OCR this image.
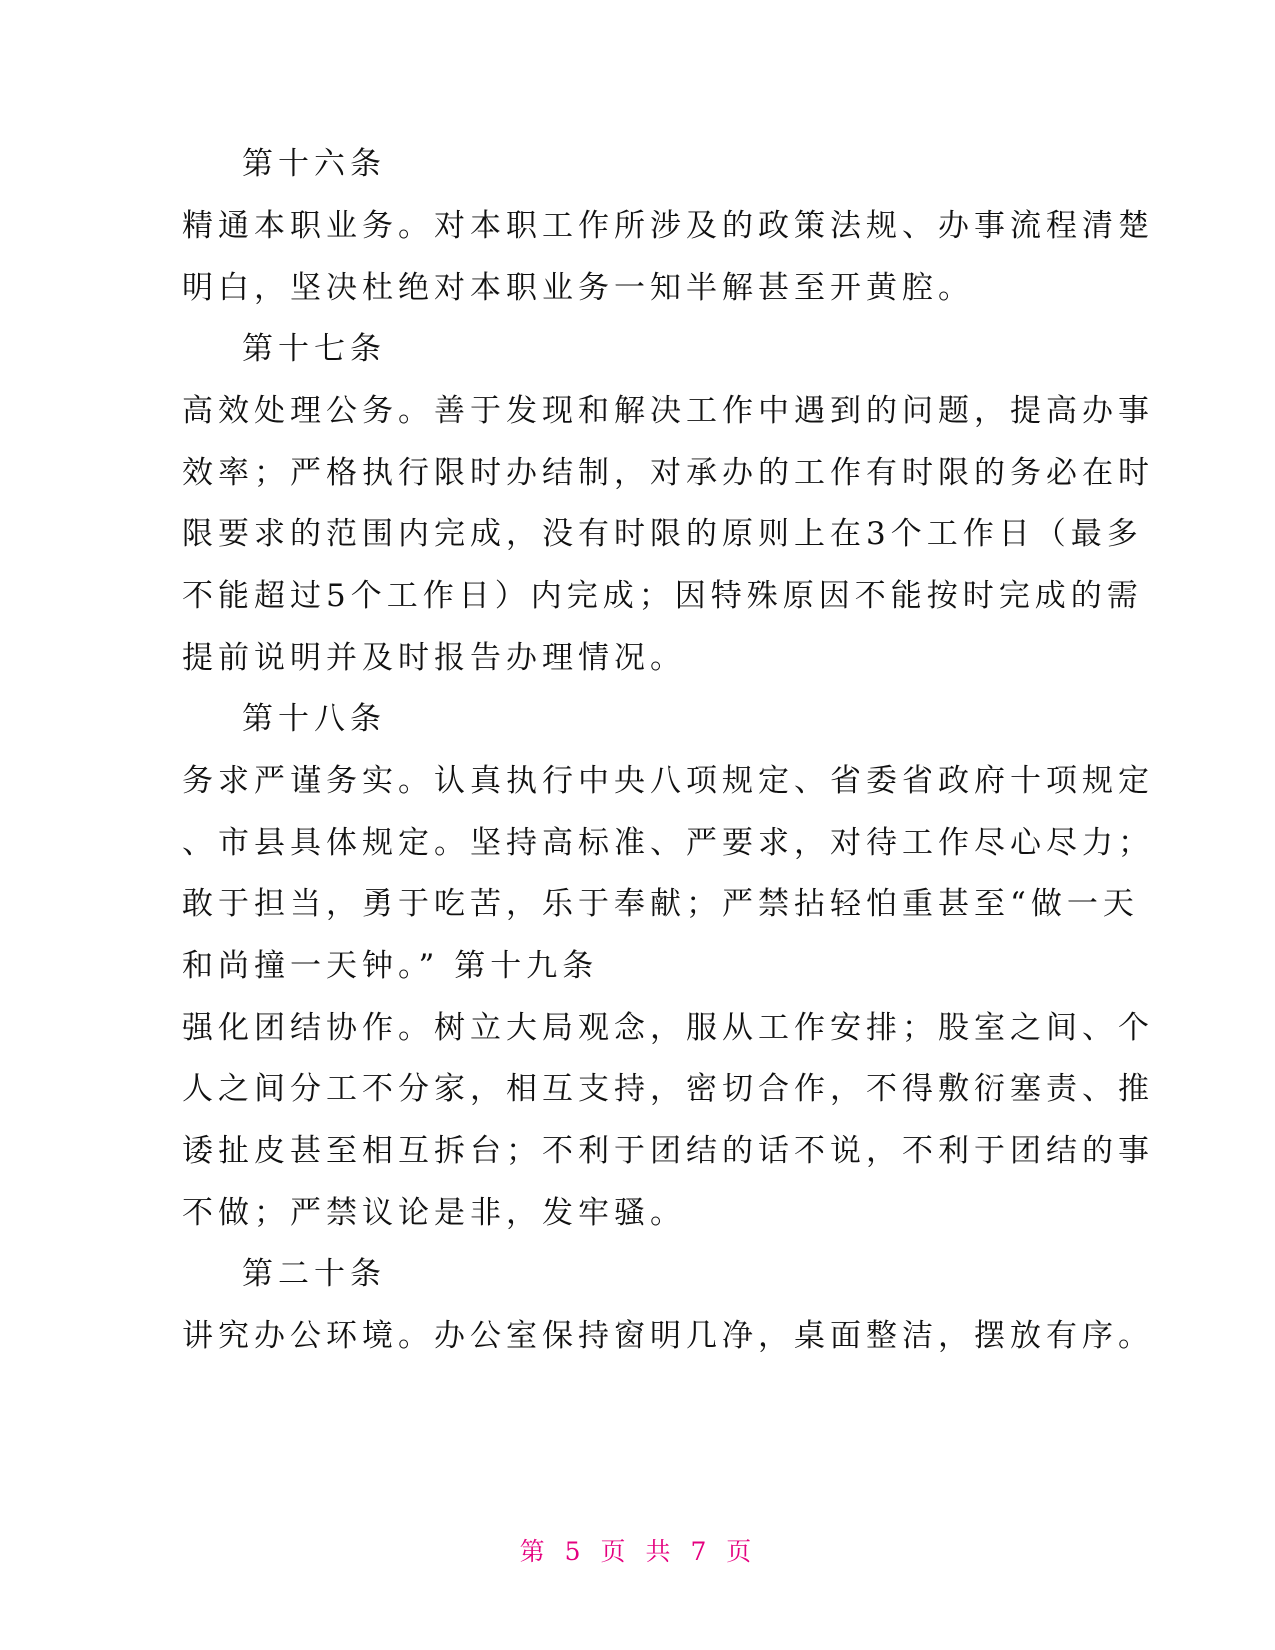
第十六条
精通本职业务。对本职工作所涉及的政策法规、办事流程清楚
明白，坚决杜绝对本职业务一知半解甚至开黄腔。
第十七条
高效处理公务。善于发现和解决工作中遇到的问题，提高办事
效率；严格执行限时办结制，对承办的工作有时限的务必在时
限要求的范围内完成，没有时限的原则上在3个工作日（最多
不能超过5个工作日）内完成；因特殊原因不能按时完成的需
提前说明并及时报告办理情况。
第十八条
务求严谨务实。认真执行中央八项规定、省委省政府十项规定
、市县具体规定。坚持高标准、严要求，对待工作尽心尽力；
敢于担当，勇于吃苦，乐于奉献；严禁拈轻怕重甚至“做一天
和尚撞一天钟。” 第十九条
强化团结协作。树立大局观念，服从工作安排；股室之间、个
人之间分工不分家，相互支持，密切合作，不得敷衍塞责、推
诿扯皮甚至相互拆台；不利于团结的话不说，不利于团结的事
不做；严禁议论是非，发牢骚。
第二十条
讲究办公环境。办公室保持窗明几净，桌面整洁，摆放有序。
第 5 页 共 7 页
